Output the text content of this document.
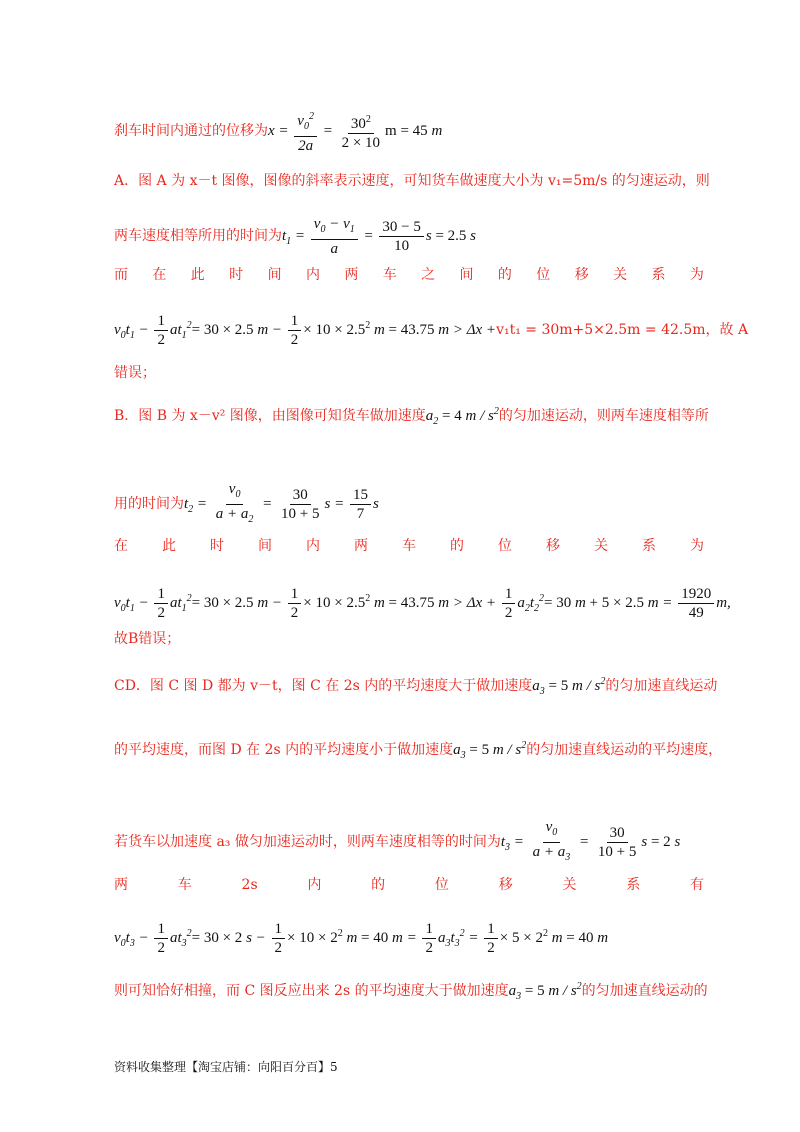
刹车时间内通过的位移为$x = \frac{v_0^2}{2a} = \frac{30^2}{2 \times 10}$ m = 45 m
A．图 A 为 x－t 图像，图像的斜率表示速度，可知货车做速度大小为 v₁=5m/s 的匀速运动，则
两车速度相等所用的时间为$t_1 = \frac{v_0 - v_1}{a} = \frac{30 - 5}{10}$ s = 2.5 s
而 在 此 时 间 内 两 车 之 间 的 位 移 关 系 为
$v_0t_1 - \frac{1}{2} at_1^2= 30 \times 2.5$ $m - \frac{1}{2} \times 10 \times 2.5^2$ m = 43.75 m > Δx +v₁t₁ = 30m+5×2.5m = 42.5m，故 A
错误；
B．图 B 为 x－v² 图像，由图像可知货车做加速度$a_2 = 4$ m / $s^2$的匀加速运动，则两车速度相等所
用的时间为$t_2 = \frac{v_0}{a + a_2} = \frac{30}{10 + 5}$ $s = \frac{15}{7}$ s
在 此 时 间 内 两 车 的 位 移 关 系 为
$v_0t_1 - \frac{1}{2} at_1^2= 30 \times 2.5$ $m - \frac{1}{2} \times 10 \times 2.5^2$ m = 43.75 $m > \Delta x + \frac{1}{2} a_2t_2^2= 30$ m + 5 × 2.5 $m = \frac{1920}{49} m$,
故B错误；
CD．图 C 图 D 都为 v－t，图 C 在 2s 内的平均速度大于做加速度$a_3 = 5$ m / $s^2$的匀加速直线运动
的平均速度，而图 D 在 2s 内的平均速度小于做加速度$a_3 = 5$ m / $s^2$的匀加速直线运动的平均速度，
若货车以加速度 a₃ 做匀加速运动时，则两车速度相等的时间为$t_3 = \frac{v_0}{a + a_3} = \frac{30}{10 + 5}$ s = 2 s
两	车	2s	内	的	位	移	关	系	有
$v_0t_3 - \frac{1}{2} at_3^2= 30 \times 2$ $s - \frac{1}{2} \times 10 \times 2^2$ m = 40 $m = \frac{1}{2} a_3t_3^2 = \frac{1}{2} \times 5 \times 2^2$ m = 40 m
则可知恰好相撞，而 C 图反应出来 2s 的平均速度大于做加速度$a_3 = 5$ m / $s^2$的匀加速直线运动的
资料收集整理【淘宝店铺：向阳百分百】5
